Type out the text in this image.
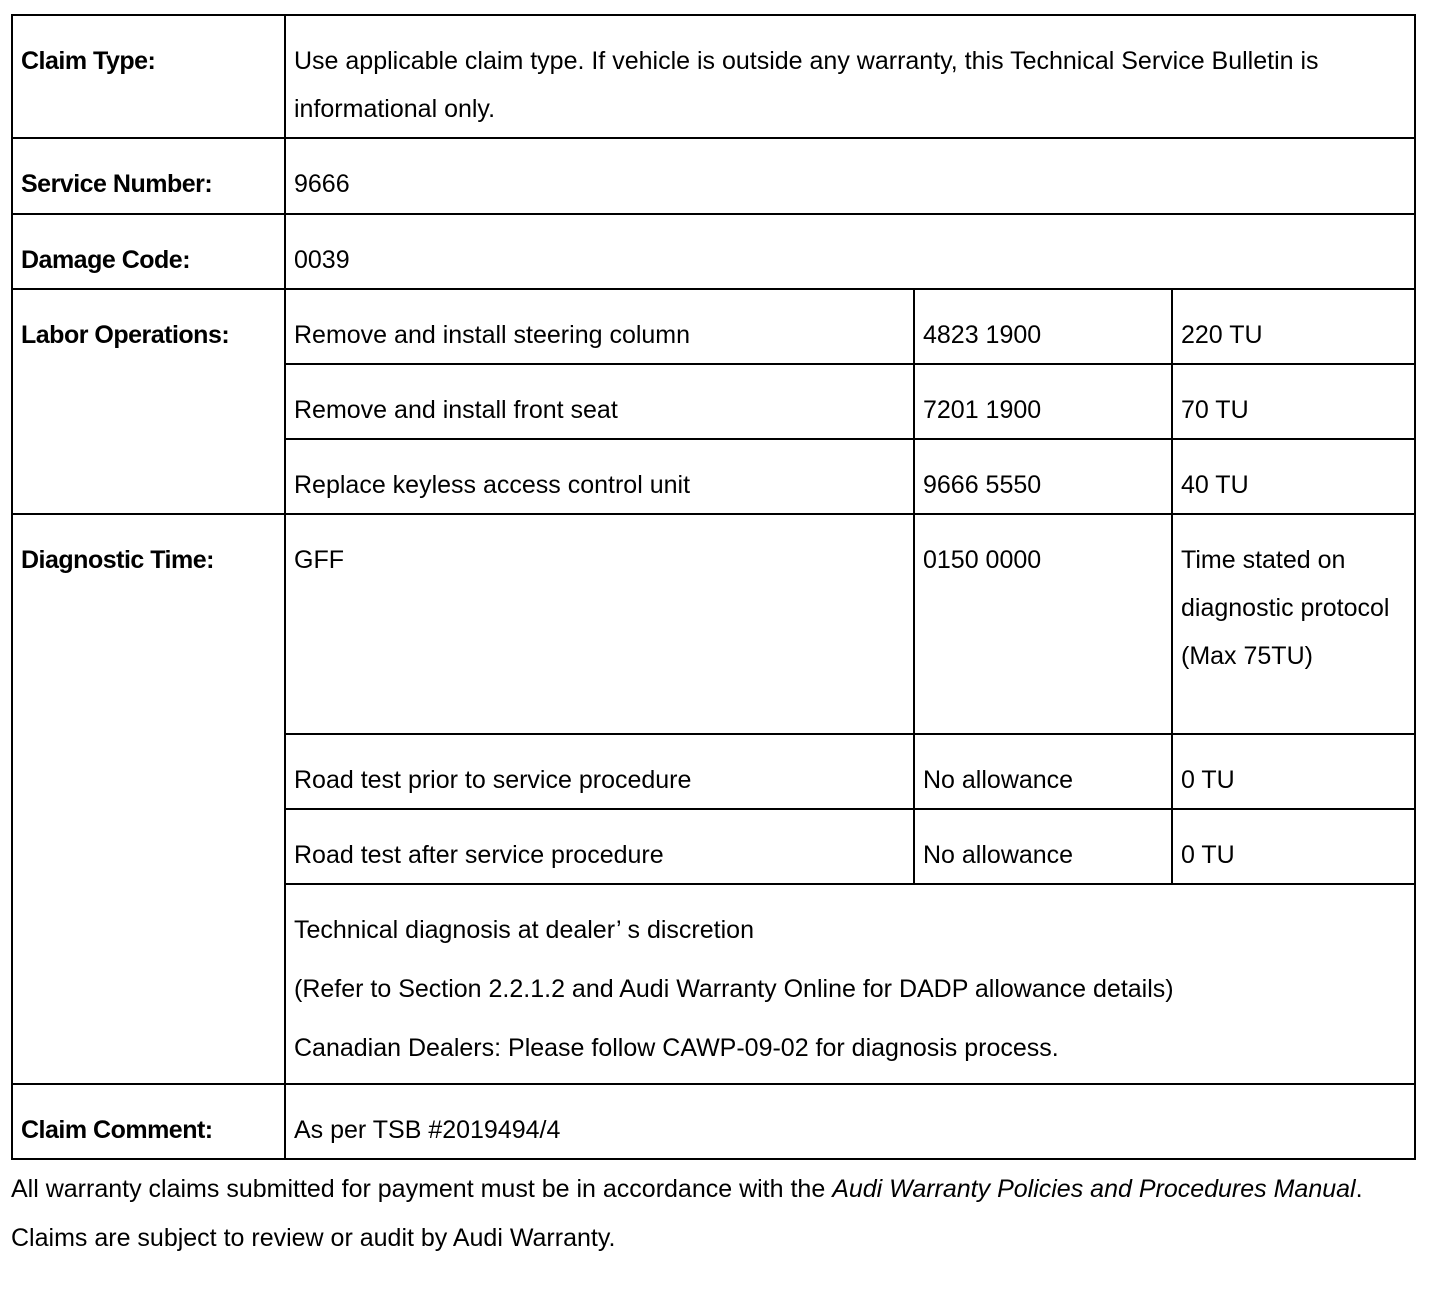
Claim Type:	Use applicable claim type. If vehicle is outside any warranty, this Technical Service Bulletin is informational only.		
Service Number:	9666		
Damage Code:	0039		
Labor Operations:	Remove and install steering column	4823 1900	220 TU
	Remove and install front seat	7201 1900	70 TU
	Replace keyless access control unit	9666 5550	40 TU
Diagnostic Time:	GFF	0150 0000	Time stated on diagnostic protocol (Max 75TU)
	Road test prior to service procedure	No allowance	0 TU
	Road test after service procedure	No allowance	0 TU

	Technical diagnosis at dealer’ s discretion

(Refer to Section 2.2.1.2 and Audi Warranty Online for DADP allowance details)

Canadian Dealers: Please follow CAWP-09-02 for diagnosis process.		

Claim Comment:	As per TSB #2019494/4		
All warranty claims submitted for payment must be in accordance with the Audi Warranty Policies and Procedures Manual. Claims are subject to review or audit by Audi Warranty.
